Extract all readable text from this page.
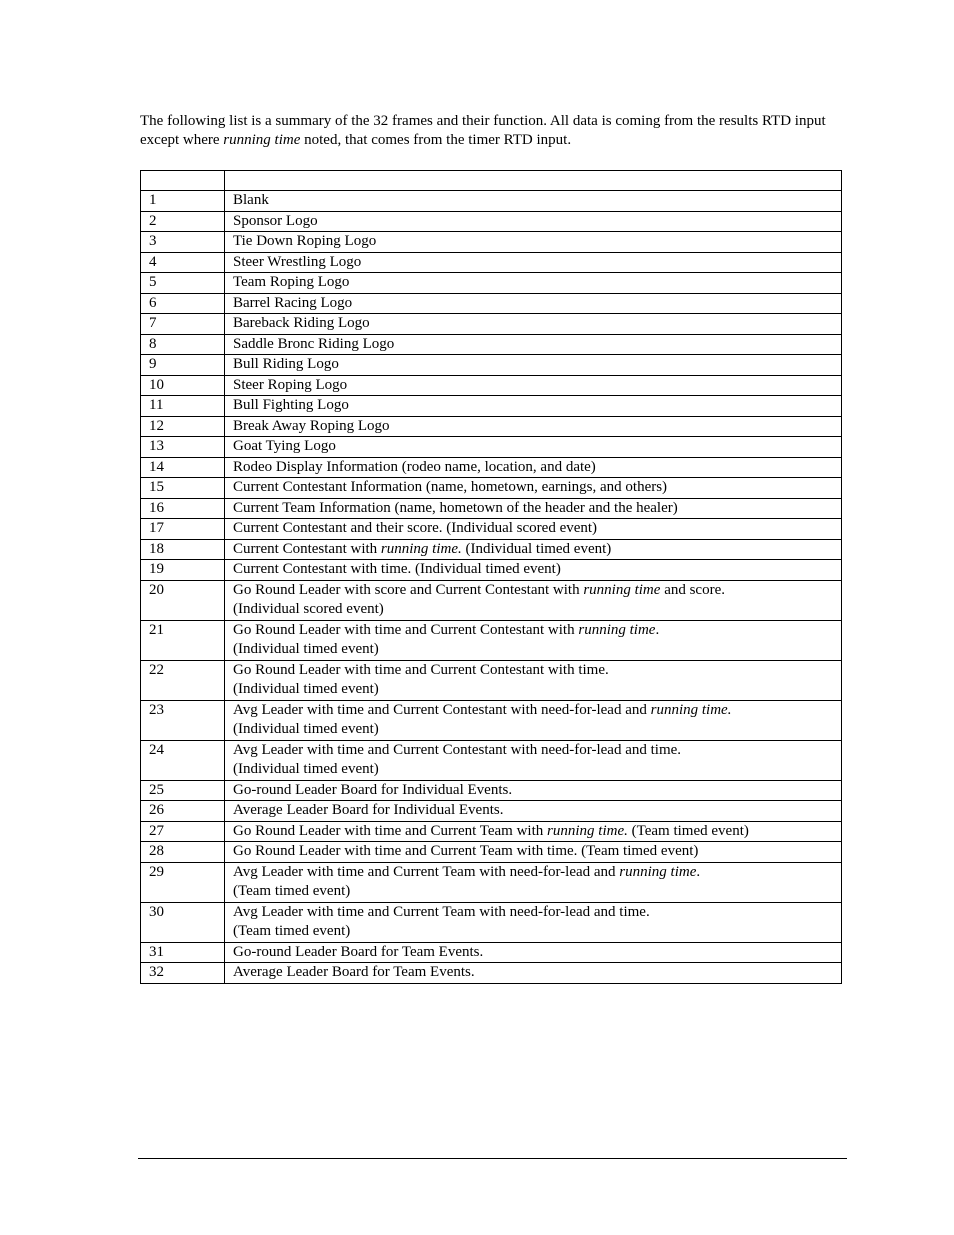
The following list is a summary of the 32 frames and their function. All data is coming from the results RTD input except where running time noted, that comes from the timer RTD input.

1	Blank
2	Sponsor Logo
3	Tie Down Roping Logo
4	Steer Wrestling Logo
5	Team Roping Logo
6	Barrel Racing Logo
7	Bareback Riding Logo
8	Saddle Bronc Riding Logo
9	Bull Riding Logo
10	Steer Roping Logo
11	Bull Fighting Logo
12	Break Away Roping Logo
13	Goat Tying Logo
14	Rodeo Display Information (rodeo name, location, and date)
15	Current Contestant Information (name, hometown, earnings, and others)
16	Current Team Information (name, hometown of the header and the healer)
17	Current Contestant and their score. (Individual scored event)
18	Current Contestant with running time. (Individual timed event)
19	Current Contestant with time. (Individual timed event)
20	Go Round Leader with score and Current Contestant with running time and score.
(Individual scored event)
21	Go Round Leader with time and Current Contestant with running time.
(Individual timed event)
22	Go Round Leader with time and Current Contestant with time.
(Individual timed event)
23	Avg Leader with time and Current Contestant with need-for-lead and running time.
(Individual timed event)
24	Avg Leader with time and Current Contestant with need-for-lead and time.
(Individual timed event)
25	Go-round Leader Board for Individual Events.
26	Average Leader Board for Individual Events.
27	Go Round Leader with time and Current Team with running time. (Team timed event)
28	Go Round Leader with time and Current Team with time. (Team timed event)
29	Avg Leader with time and Current Team with need-for-lead and running time.
(Team timed event)
30	Avg Leader with time and Current Team with need-for-lead and time.
(Team timed event)
31	Go-round Leader Board for Team Events.
32	Average Leader Board for Team Events.
